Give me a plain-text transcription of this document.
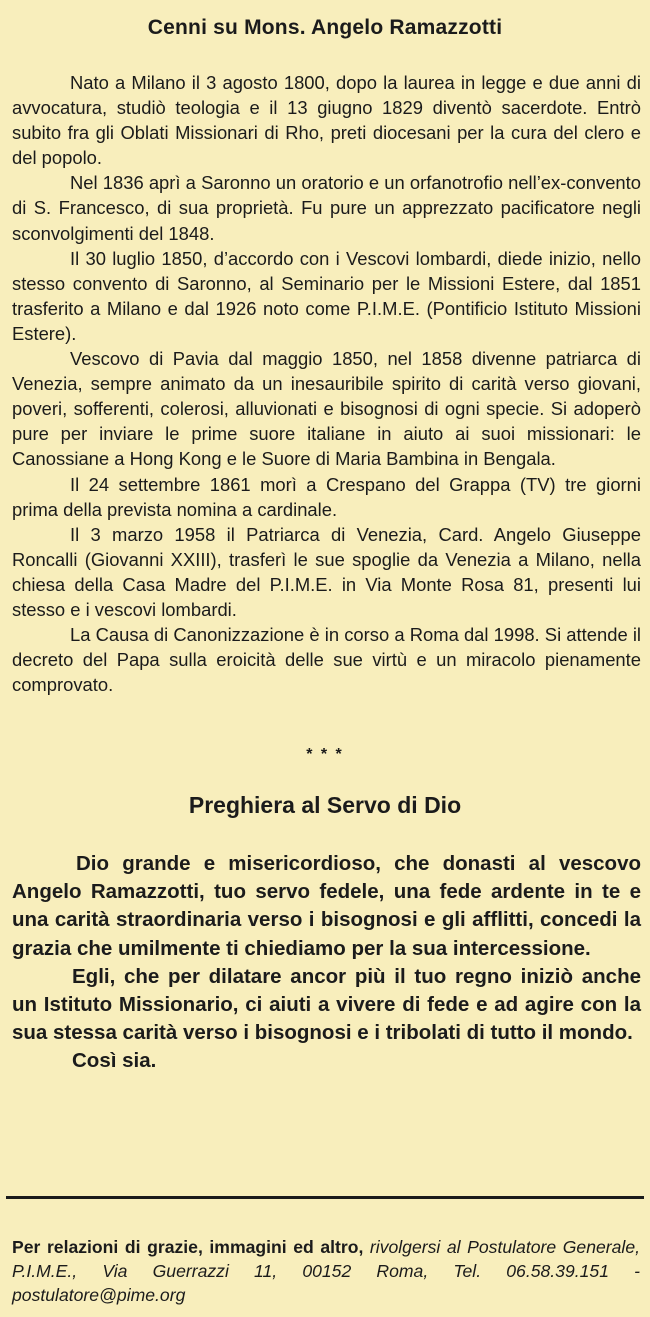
Cenni su Mons. Angelo Ramazzotti

Nato a Milano il 3 agosto 1800, dopo la laurea in legge e due anni di avvocatura, studiò teologia e il 13 giugno 1829 diventò sacerdote. Entrò subito fra gli Oblati Missionari di Rho, preti diocesani per la cura del clero e del popolo.

Nel 1836 aprì a Saronno un oratorio e un orfanotrofio nell’ex-convento di S. Francesco, di sua proprietà. Fu pure un apprezzato pacificatore negli sconvolgimenti del 1848.

Il 30 luglio 1850, d’accordo con i Vescovi lombardi, diede inizio, nello stesso convento di Saronno, al Seminario per le Missioni Estere, dal 1851 trasferito a Milano e dal 1926 noto come P.I.M.E. (Pontificio Istituto Missioni Estere).

Vescovo di Pavia dal maggio 1850, nel 1858 divenne patriarca di Venezia, sempre animato da un inesauribile spirito di carità verso giovani, poveri, sofferenti, colerosi, alluvionati e bisognosi di ogni specie. Si adoperò pure per inviare le prime suore italiane in aiuto ai suoi missionari: le Canossiane a Hong Kong e le Suore di Maria Bambina in Bengala.

Il 24 settembre 1861 morì a Crespano del Grappa (TV) tre giorni prima della prevista nomina a cardinale.

Il 3 marzo 1958 il Patriarca di Venezia, Card. Angelo Giuseppe Roncalli (Giovanni XXIII), trasferì le sue spoglie da Venezia a Milano, nella chiesa della Casa Madre del P.I.M.E. in Via Monte Rosa 81, presenti lui stesso e i vescovi lombardi.

La Causa di Canonizzazione è in corso a Roma dal 1998. Si attende il decreto del Papa sulla eroicità delle sue virtù e un miracolo pienamente comprovato.

* * *
Preghiera al Servo di Dio

Dio grande e misericordioso, che donasti al vescovo Angelo Ramazzotti, tuo servo fedele, una fede ardente in te e una carità straordinaria verso i bisognosi e gli afflitti, concedi la grazia che umilmente ti chiediamo per la sua intercessione.

Egli, che per dilatare ancor più il tuo regno iniziò anche un Istituto Missionario, ci aiuti a vivere di fede e ad agire con la sua stessa carità verso i bisognosi e i tribolati di tutto il mondo.

Così sia.

Per relazioni di grazie, immagini ed altro, rivolgersi al Postulatore Generale, P.I.M.E., Via Guerrazzi 11, 00152 Roma, Tel. 06.58.39.151 - postulatore@pime.org
